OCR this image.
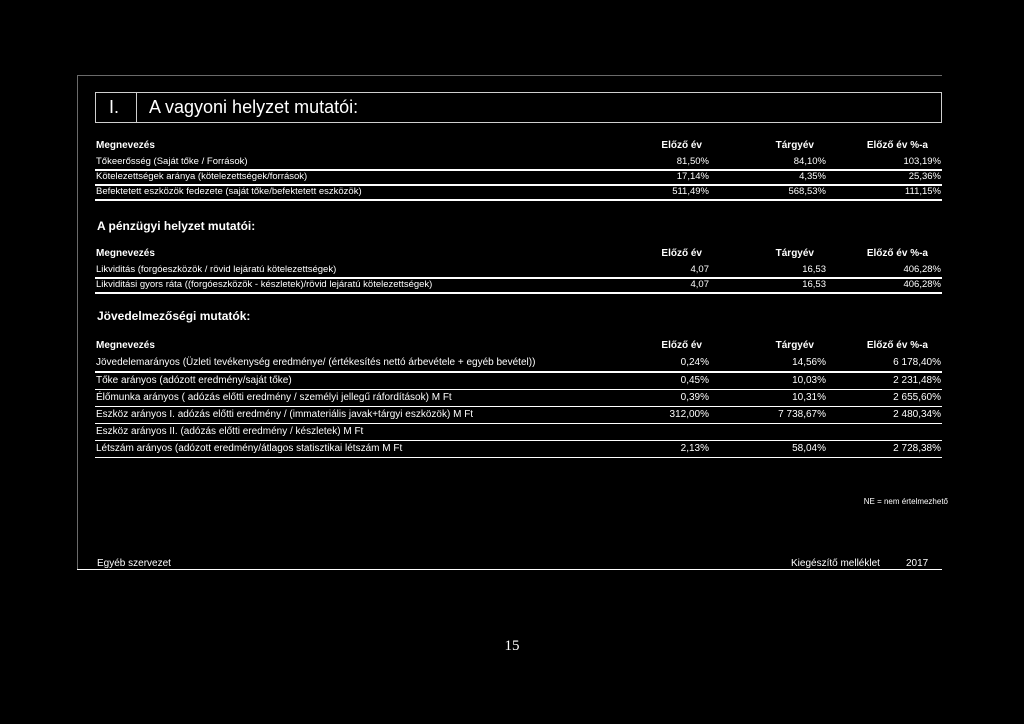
I.	A vagyoni helyzet mutatói:
Megnevezés	Előző év	Tárgyév	Előző év %-a
Tőkeerősség (Saját tőke / Források)	81,50%	84,10%	103,19%
Kötelezettségek aránya (kötelezettségek/források)	17,14%	4,35%	25,36%
Befektetett eszközök fedezete (saját tőke/befektetett eszközök)	511,49%	568,53%	111,15%
A pénzügyi helyzet mutatói:
Megnevezés	Előző év	Tárgyév	Előző év %-a
Likviditás (forgóeszközök / rövid lejáratú kötelezettségek)	4,07	16,53	406,28%
Likviditási gyors ráta ((forgóeszközök - készletek)/rövid lejáratú kötelezettségek)	4,07	16,53	406,28%
Jövedelmezőségi mutatók:
Megnevezés	Előző év	Tárgyév	Előző év %-a
Jövedelemarányos (Üzleti tevékenység eredménye/ (értékesítés nettó árbevétele + egyéb bevétel))	0,24%	14,56%	6 178,40%
Tőke arányos (adózott eredmény/saját tőke)	0,45%	10,03%	2 231,48%
Élőmunka arányos ( adózás előtti eredmény / személyi jellegű ráfordítások) M Ft	0,39%	10,31%	2 655,60%
Eszköz arányos I. adózás előtti eredmény / (immateriális javak+tárgyi eszközök) M Ft	312,00%	7 738,67%	2 480,34%
Eszköz arányos II. (adózás előtti eredmény / készletek) M Ft
Létszám arányos (adózott eredmény/átlagos statisztikai létszám M Ft	2,13%	58,04%	2 728,38%
NE = nem értelmezhető
Egyéb szervezet	Kiegészítő melléklet	2017
15
